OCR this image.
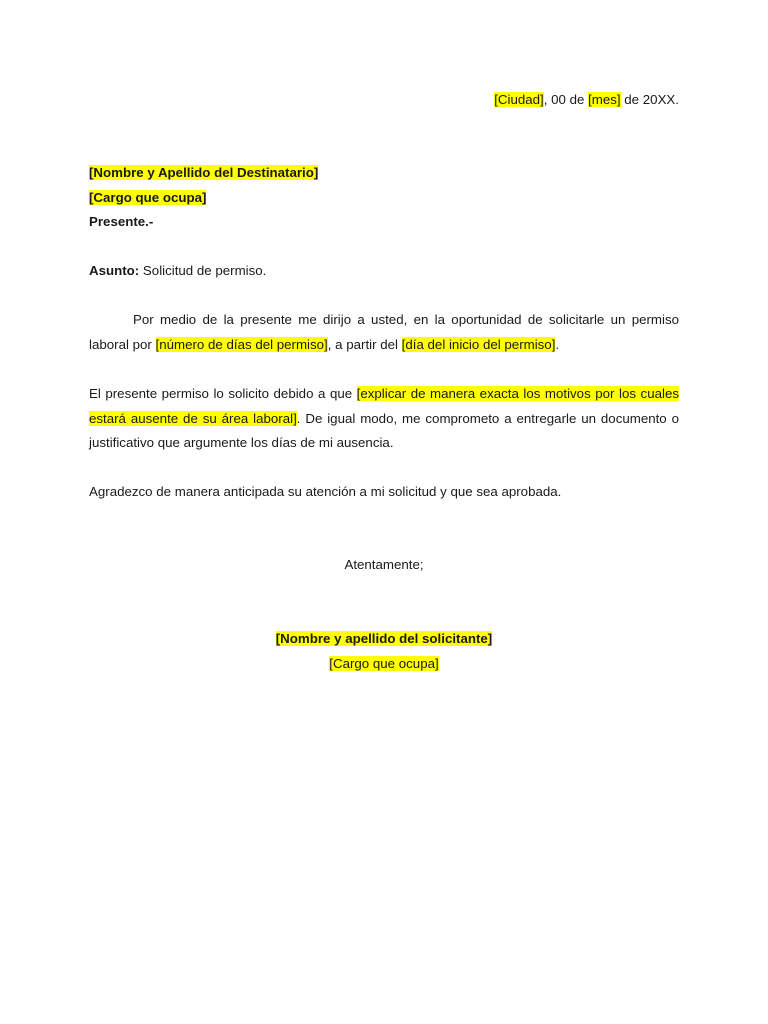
[Ciudad], 00 de [mes] de 20XX.
[Nombre y Apellido del Destinatario]
[Cargo que ocupa]
Presente.-
Asunto: Solicitud de permiso.
Por medio de la presente me dirijo a usted, en la oportunidad de solicitarle un permiso laboral por [número de días del permiso], a partir del [día del inicio del permiso].
El presente permiso lo solicito debido a que [explicar de manera exacta los motivos por los cuales estará ausente de su área laboral]. De igual modo, me comprometo a entregarle un documento o justificativo que argumente los días de mi ausencia.
Agradezco de manera anticipada su atención a mi solicitud y que sea aprobada.
Atentamente;
[Nombre y apellido del solicitante]
[Cargo que ocupa]
